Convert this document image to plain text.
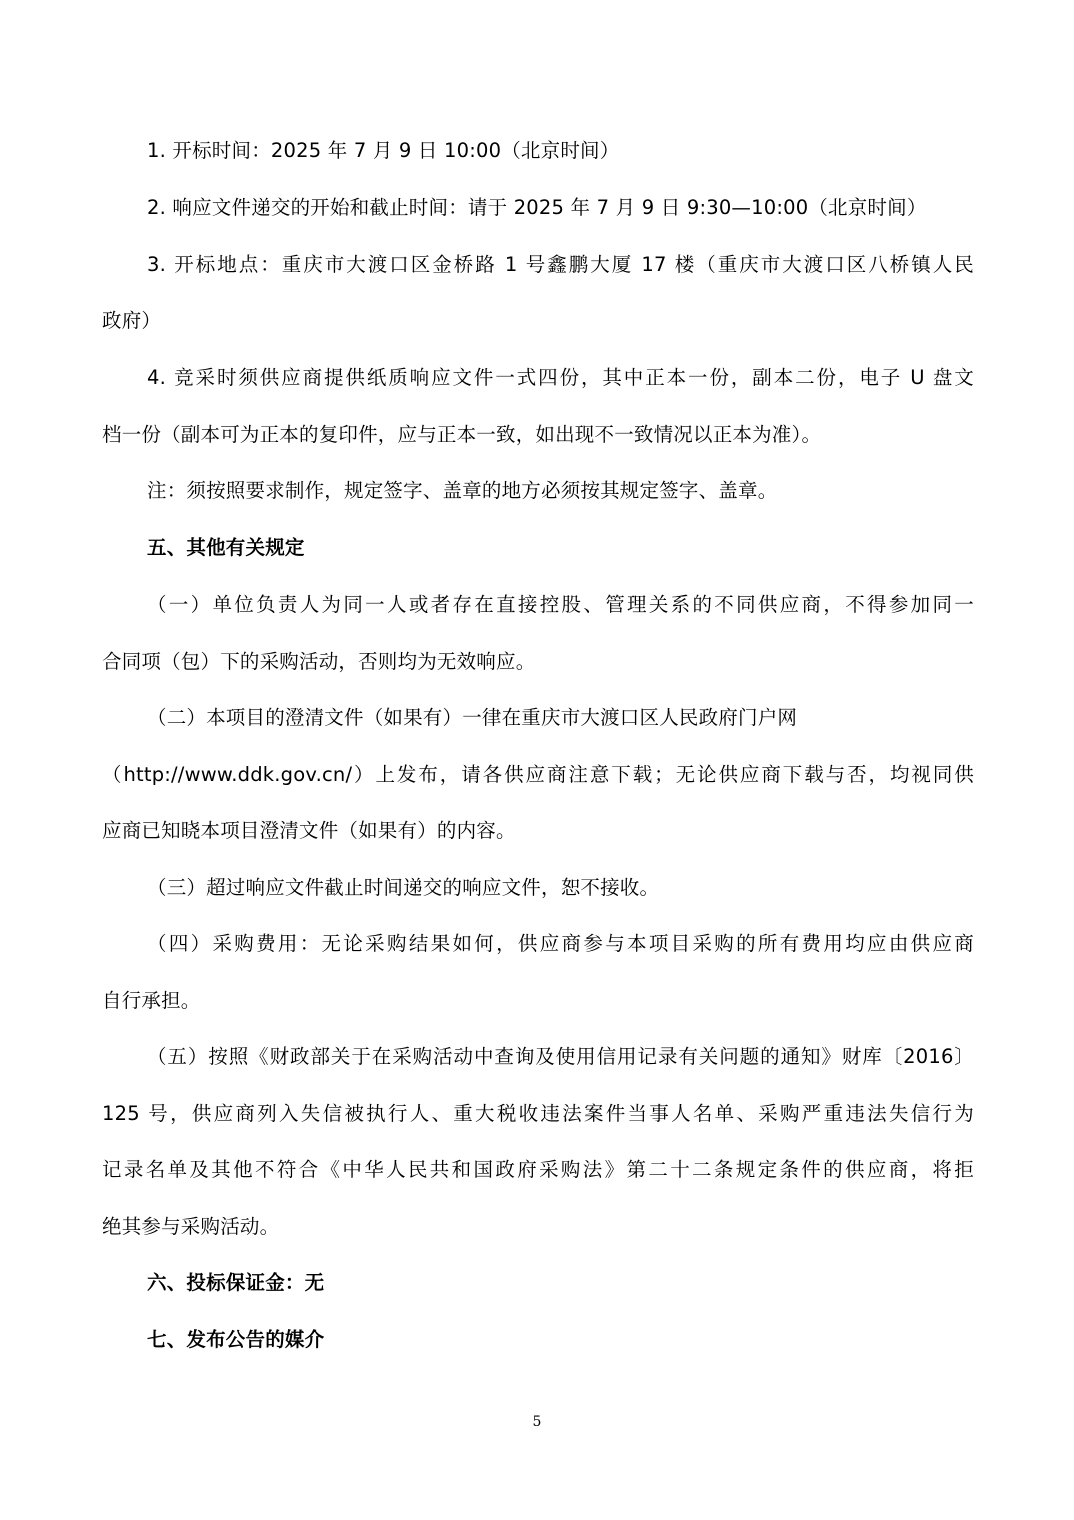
1. 开标时间：2025 年 7 月 9 日 10:00（北京时间）
2. 响应文件递交的开始和截止时间：请于 2025 年 7 月 9 日 9:30—10:00（北京时间）
3. 开标地点：重庆市大渡口区金桥路 1 号鑫鹏大厦 17 楼（重庆市大渡口区八桥镇人民
政府）
4. 竞采时须供应商提供纸质响应文件一式四份，其中正本一份，副本二份，电子 U 盘文
档一份（副本可为正本的复印件，应与正本一致，如出现不一致情况以正本为准）。
注：须按照要求制作，规定签字、盖章的地方必须按其规定签字、盖章。
五、其他有关规定
（一）单位负责人为同一人或者存在直接控股、管理关系的不同供应商，不得参加同一
合同项（包）下的采购活动，否则均为无效响应。
（二）本项目的澄清文件（如果有）一律在重庆市大渡口区人民政府门户网
（http://www.ddk.gov.cn/）上发布，请各供应商注意下载；无论供应商下载与否，均视同供
应商已知晓本项目澄清文件（如果有）的内容。
（三）超过响应文件截止时间递交的响应文件，恕不接收。
（四）采购费用：无论采购结果如何，供应商参与本项目采购的所有费用均应由供应商
自行承担。
（五）按照《财政部关于在采购活动中查询及使用信用记录有关问题的通知》财库〔2016〕
125 号，供应商列入失信被执行人、重大税收违法案件当事人名单、采购严重违法失信行为
记录名单及其他不符合《中华人民共和国政府采购法》第二十二条规定条件的供应商，将拒
绝其参与采购活动。
六、投标保证金：无
七、发布公告的媒介
5
